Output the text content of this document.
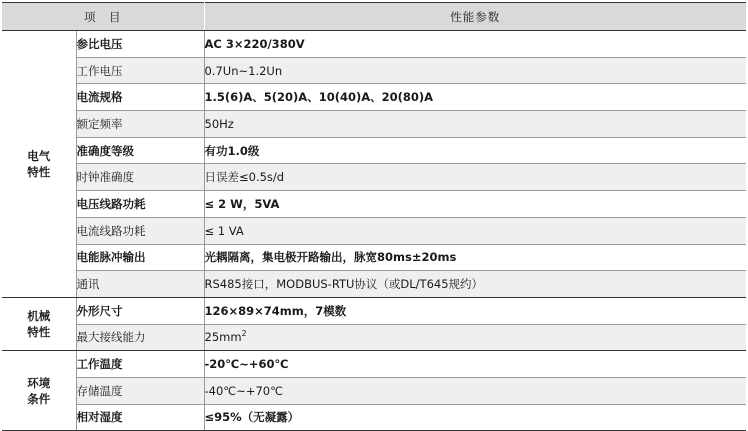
项　目		性能参数

电气
特性	参比电压	AC 3×220/380V
	工作电压	0.7Un~1.2Un
	电流规格	1.5(6)A、5(20)A、10(40)A、20(80)A
	额定频率	50Hz
	准确度等级	有功1.0级
	时钟准确度	日误差≤0.5s/d
	电压线路功耗	≤ 2 W，5VA
	电流线路功耗	≤ 1 VA
	电能脉冲输出	光耦隔离，集电极开路输出，脉宽80ms±20ms
	通讯	RS485接口，MODBUS-RTU协议（或DL/T645规约）

机械
特性	外形尺寸	126×89×74mm，7模数
	最大接线能力	$25mm^2$

环境
条件	工作温度	-20℃~+60℃
	存储温度	-40℃~+70℃
	相对湿度	≤95%（无凝露）
